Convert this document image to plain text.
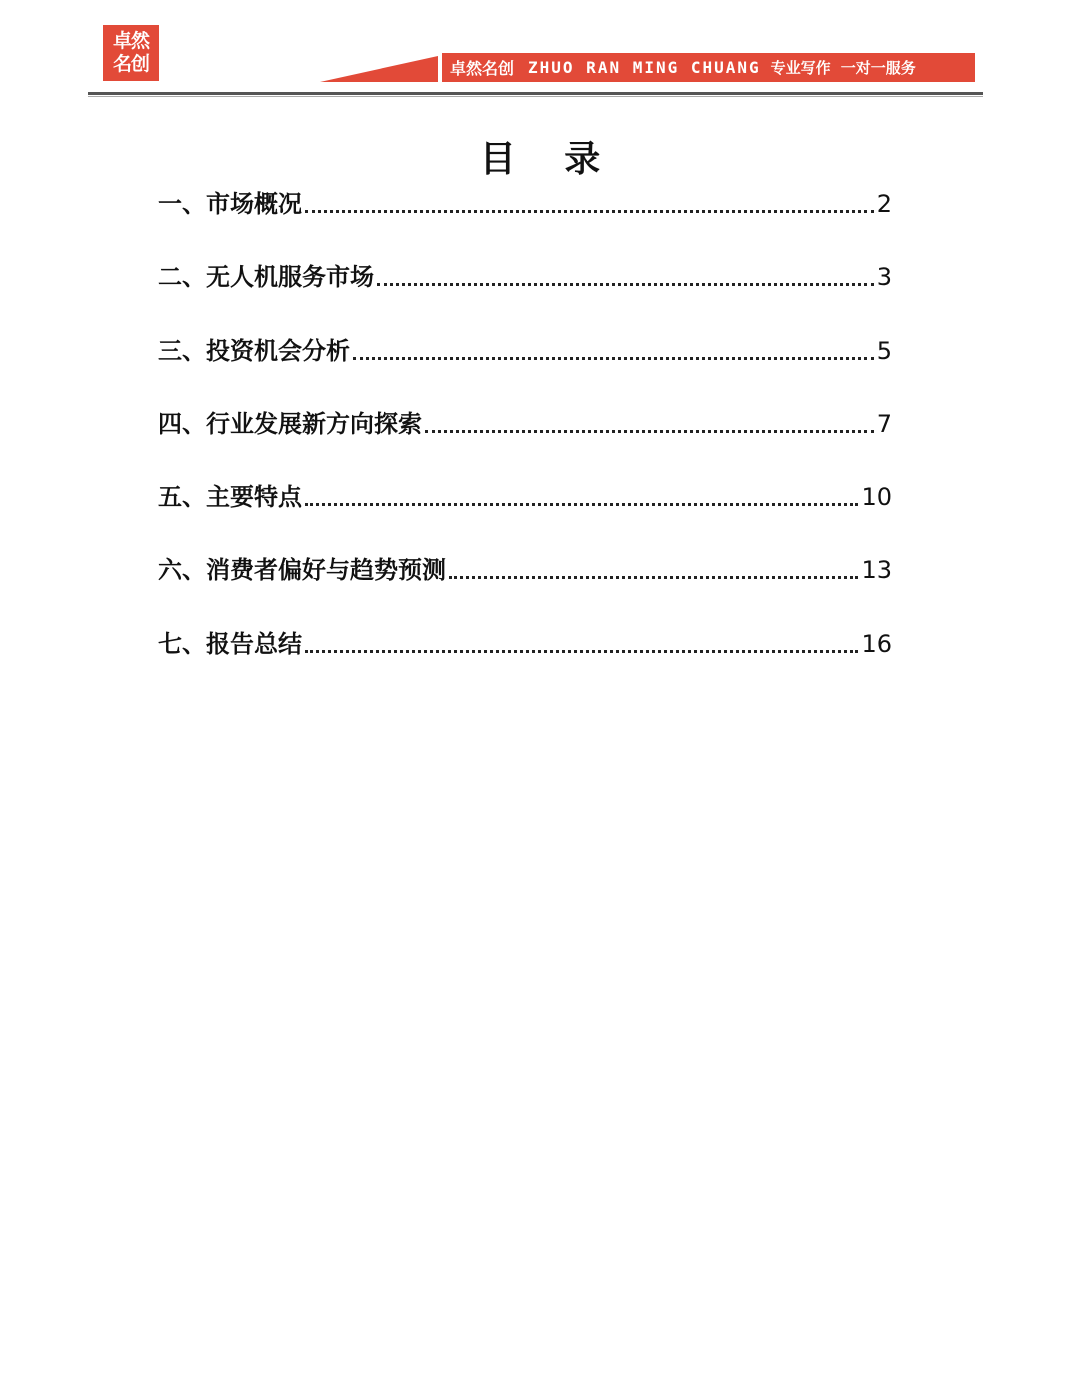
卓然
名创	卓然名创 ZHUO RAN MING CHUANG 专业写作 一对一服务
目 录
一、市场概况	2
二、无人机服务市场	3
三、投资机会分析	5
四、行业发展新方向探索	7
五、主要特点	10
六、消费者偏好与趋势预测	13
七、报告总结	16
